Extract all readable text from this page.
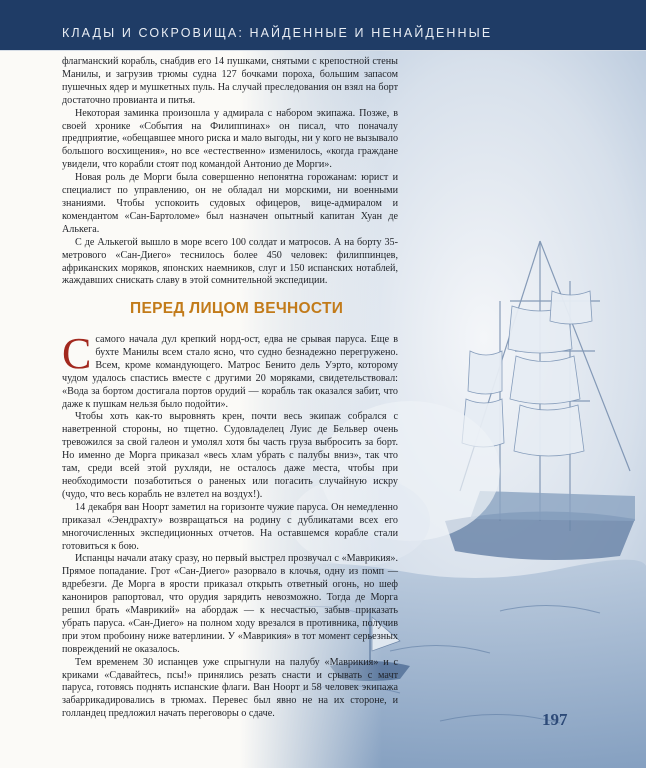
КЛАДЫ И СОКРОВИЩА: НАЙДЕННЫЕ И НЕНАЙДЕННЫЕ

флагманский корабль, снабдив его 14 пушками, снятыми с крепостной стены Манилы, и загрузив трюмы судна 127 бочками пороха, большим запасом пушечных ядер и мушкетных пуль. На случай преследования он взял на борт достаточно провианта и питья.

Некоторая заминка произошла у адмирала с набором экипажа. Позже, в своей хронике «События на Филиппинах» он писал, что поначалу предприятие, «обещавшее много риска и мало выгоды, ни у кого не вызывало большого восхищения», но все «естественно» изменилось, «когда граждане увидели, что корабли стоят под командой Антонио де Морги».

Новая роль де Морги была совершенно непонятна горожанам: юрист и специалист по управлению, он не обладал ни морскими, ни военными знаниями. Чтобы успокоить судовых офицеров, вице-адмиралом и комендантом «Сан-Бартоломе» был назначен опытный капитан Хуан де Алькега.

С де Алькегой вышло в море всего 100 солдат и матросов. А на борту 35-метрового «Сан-Диего» теснилось более 450 человек: филиппинцев, африканских моряков, японских наемников, слуг и 150 испанских нотаблей, жаждавших снискать славу в этой сомнительной экспедиции.

ПЕРЕД ЛИЦОМ ВЕЧНОСТИ

Ссамого начала дул крепкий норд-ост, едва не срывая паруса. Еще в бухте Манилы всем стало ясно, что судно безнадежно перегружено. Всем, кроме командующего. Матрос Бенито дель Уэрто, которому чудом удалось спастись вместе с другими 20 моряками, свидетельствовал: «Вода за бортом достигала портов орудий — корабль так оказался забит, что даже к пушкам нельзя было подойти».

Чтобы хоть как-то выровнять крен, почти весь экипаж собрался с наветренной стороны, но тщетно. Судовладелец Луис де Бельвер очень тревожился за свой галеон и умолял хотя бы часть груза выбросить за борт. Но именно де Морга приказал «весь хлам убрать с палубы вниз», так что там, среди всей этой рухляди, не осталось даже места, чтобы при необходимости позаботиться о раненых или погасить случайную искру (чудо, что весь корабль не взлетел на воздух!).

14 декабря ван Ноорт заметил на горизонте чужие паруса. Он немедленно приказал «Эендрахту» возвращаться на родину с дубликатами всех его многочисленных экспедиционных отчетов. На оставшемся корабле стали готовиться к бою.

Испанцы начали атаку сразу, но первый выстрел прозвучал с «Маврикия». Прямое попадание. Грот «Сан-Диего» разорвало в клочья, одну из помп — вдребезги. Де Морга в ярости приказал открыть ответный огонь, но шеф канониров рапортовал, что орудия зарядить невозможно. Тогда де Морга решил брать «Маврикий» на абордаж — к несчастью, забыв приказать убрать паруса. «Сан-Диего» на полном ходу врезался в противника, получив при этом пробоину ниже ватерлинии. У «Маврикия» в тот момент серьезных повреждений не оказалось.

Тем временем 30 испанцев уже спрыгнули на палубу «Маврикия» и с криками «Сдавайтесь, псы!» принялись резать снасти и срывать с мачт паруса, готовясь поднять испанские флаги. Ван Ноорт и 58 человек экипажа забаррикадировались в трюмах. Перевес был явно не на их стороне, и голландец предложил начать переговоры о сдаче.	197
